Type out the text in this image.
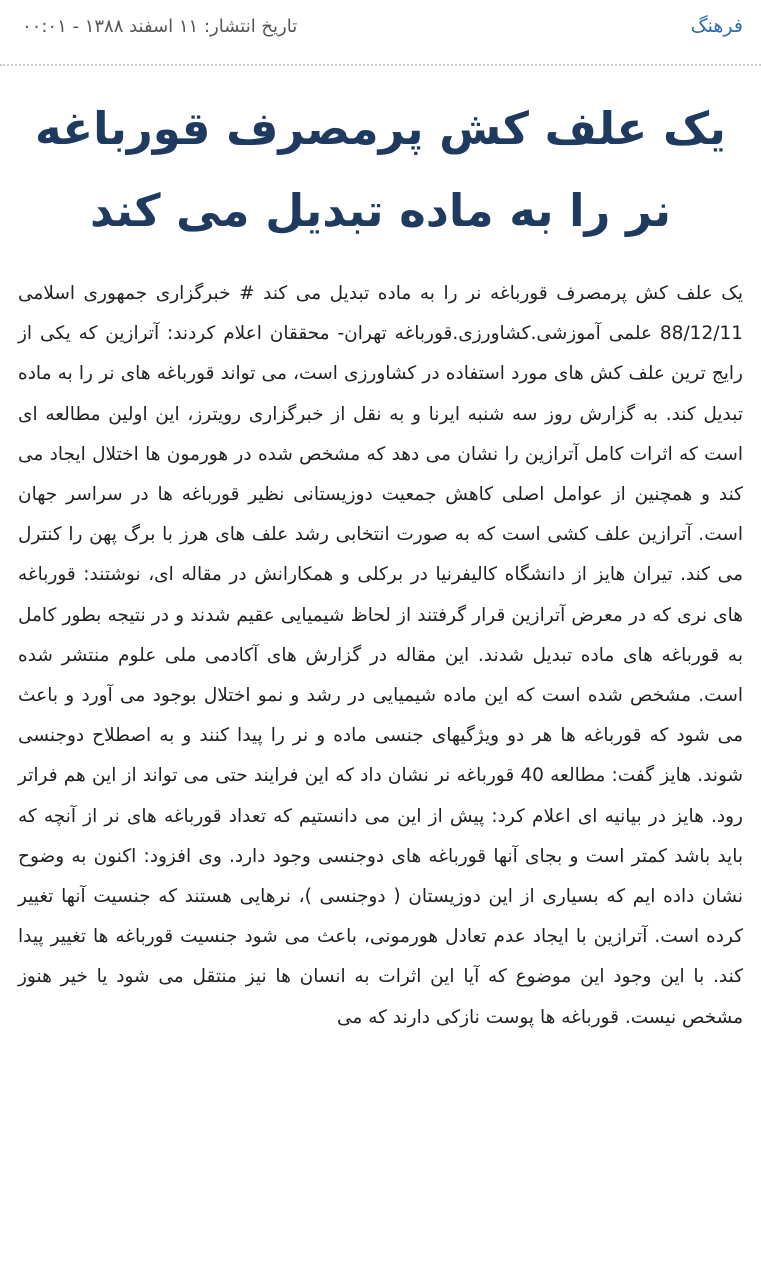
فرهنگ
تاریخ انتشار: ۱۱ اسفند ۱۳۸۸ - ۰۰:۰۱
یک علف کش پرمصرف قورباغه نر را به ماده تبدیل می کند
یک علف کش پرمصرف قورباغه نر را به ماده تبدیل می کند # خبرگزاری جمهوری اسلامی 88/12/11 علمی آموزشی.کشاورزی.قورباغه تهران- محققان اعلام کردند: آترازین که یکی از رایج ترین علف کش های مورد استفاده در کشاورزی است، می تواند قورباغه های نر را به ماده تبدیل کند. به گزارش روز سه شنبه ایرنا و به نقل از خبرگزاری رویترز، این اولین مطالعه ای است که اثرات کامل آترازین را نشان می دهد که مشخص شده در هورمون ها اختلال ایجاد می کند و همچنین از عوامل اصلی کاهش جمعیت دوزیستانی نظیر قورباغه ها در سراسر جهان است. آترازین علف کشی است که به صورت انتخابی رشد علف های هرز با برگ پهن را کنترل می کند. تیران هایز از دانشگاه کالیفرنیا در برکلی و همکارانش در مقاله ای، نوشتند: قورباغه های نری که در معرض آترازین قرار گرفتند از لحاظ شیمیایی عقیم شدند و در نتیجه بطور کامل به قورباغه های ماده تبدیل شدند. این مقاله در گزارش های آکادمی ملی علوم منتشر شده است. مشخص شده است که این ماده شیمیایی در رشد و نمو اختلال بوجود می آورد و باعث می شود که قورباغه ها هر دو ویژگیهای جنسی ماده و نر را پیدا کنند و به اصطلاح دوجنسی شوند. هایز گفت: مطالعه 40 قورباغه نر نشان داد که این فرایند حتی می تواند از این هم فراتر رود. هایز در بیانیه ای اعلام کرد: پیش از این می دانستیم که تعداد قورباغه های نر از آنچه که باید باشد کمتر است و بجای آنها قورباغه های دوجنسی وجود دارد. وی افزود: اکنون به وضوح نشان داده ایم که بسیاری از این دوزیستان ( دوجنسی )، نرهایی هستند که جنسیت آنها تغییر کرده است. آترازین با ایجاد عدم تعادل هورمونی، باعث می شود جنسیت قورباغه ها تغییر پیدا کند. با این وجود این موضوع که آیا این اثرات به انسان ها نیز منتقل می شود یا خیر هنوز مشخص نیست. قورباغه ها پوست نازکی دارند که می
